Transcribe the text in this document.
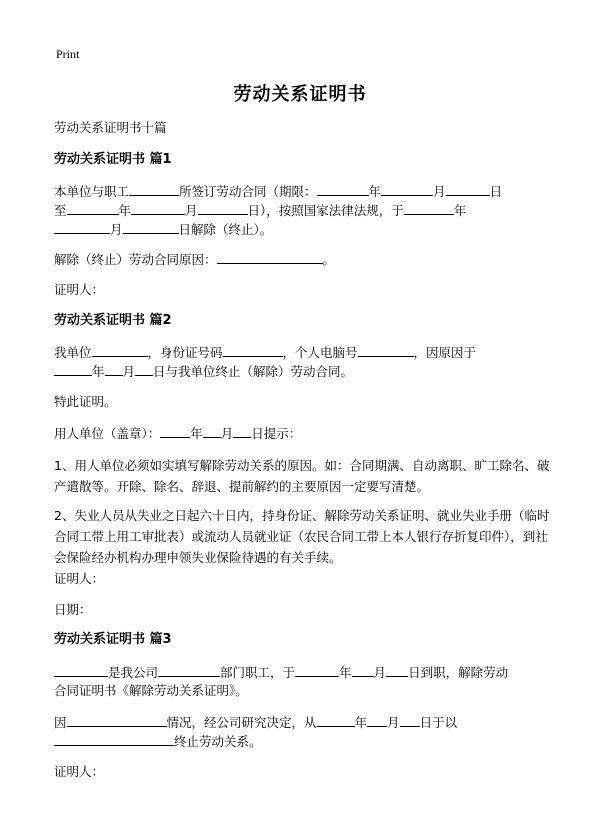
Print
劳动关系证明书
劳动关系证明书十篇
劳动关系证明书 篇1
本单位与职工	所签订劳动合同（期限：	年	月	日
至	年	月	日），按照国家法律法规，于	年
月	日解除（终止）。
解除（终止）劳动合同原因：	。
证明人：
劳动关系证明书 篇2
我单位	，身份证号码	，个人电脑号	，因原因于
年 月 日与我单位终止（解除）劳动合同。
特此证明。
用人单位（盖章）： 年 月 日提示：
1、用人单位必须如实填写解除劳动关系的原因。如：合同期满、自动离职、旷工除名、破产遣散等。开除、除名、辞退、提前解约的主要原因一定要写清楚。
2、失业人员从失业之日起六十日内，持身份证、解除劳动关系证明、就业失业手册（临时合同工带上用工审批表）或流动人员就业证（农民合同工带上本人银行存折复印件），到社会保险经办机构办理申领失业保险待遇的有关手续。
证明人：
日期：
劳动关系证明书 篇3
是我公司	部门职工，于	年 月 日到职，解除劳动
合同证明书《解除劳动关系证明》。
因	情况，经公司研究决定，从	年 月 日于以
终止劳动关系。
证明人：
